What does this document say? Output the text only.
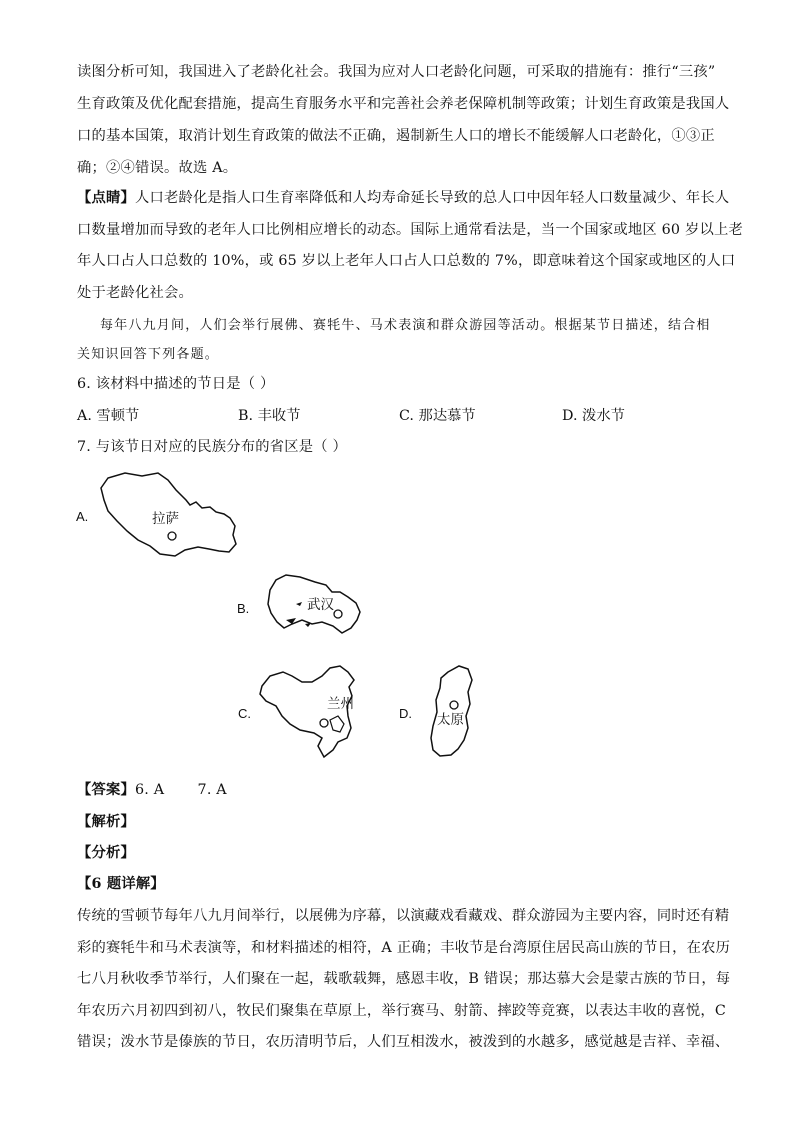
读图分析可知，我国进入了老龄化社会。我国为应对人口老龄化问题，可采取的措施有：推行“三孩”
生育政策及优化配套措施，提高生育服务水平和完善社会养老保障机制等政策；计划生育政策是我国人
口的基本国策，取消计划生育政策的做法不正确，遏制新生人口的增长不能缓解人口老龄化，①③正
确；②④错误。故选 A。
【点睛】人口老龄化是指人口生育率降低和人均寿命延长导致的总人口中因年轻人口数量减少、年长人
口数量增加而导致的老年人口比例相应增长的动态。国际上通常看法是，当一个国家或地区 60 岁以上老
年人口占人口总数的 10%，或 65 岁以上老年人口占人口总数的 7%，即意味着这个国家或地区的人口
处于老龄化社会。
每年八九月间，人们会举行展佛、赛牦牛、马术表演和群众游园等活动。根据某节日描述，结合相
关知识回答下列各题。
6. 该材料中描述的节日是（ ）
A. 雪顿节	B. 丰收节	C. 那达慕节	D. 泼水节
7. 与该节日对应的民族分布的省区是（ ）
A.	拉萨
B.	武汉
C.
兰州
D. 太原
【答案】6. A       7. A
【解析】
【分析】
【6 题详解】
传统的雪顿节每年八九月间举行，以展佛为序幕，以演藏戏看藏戏、群众游园为主要内容，同时还有精
彩的赛牦牛和马术表演等，和材料描述的相符，A 正确；丰收节是台湾原住居民高山族的节日，在农历
七八月秋收季节举行，人们聚在一起，载歌载舞，感恩丰收，B 错误；那达慕大会是蒙古族的节日，每
年农历六月初四到初八，牧民们聚集在草原上，举行赛马、射箭、摔跤等竞赛，以表达丰收的喜悦，C
错误；泼水节是傣族的节日，农历清明节后，人们互相泼水，被泼到的水越多，感觉越是吉祥、幸福、
